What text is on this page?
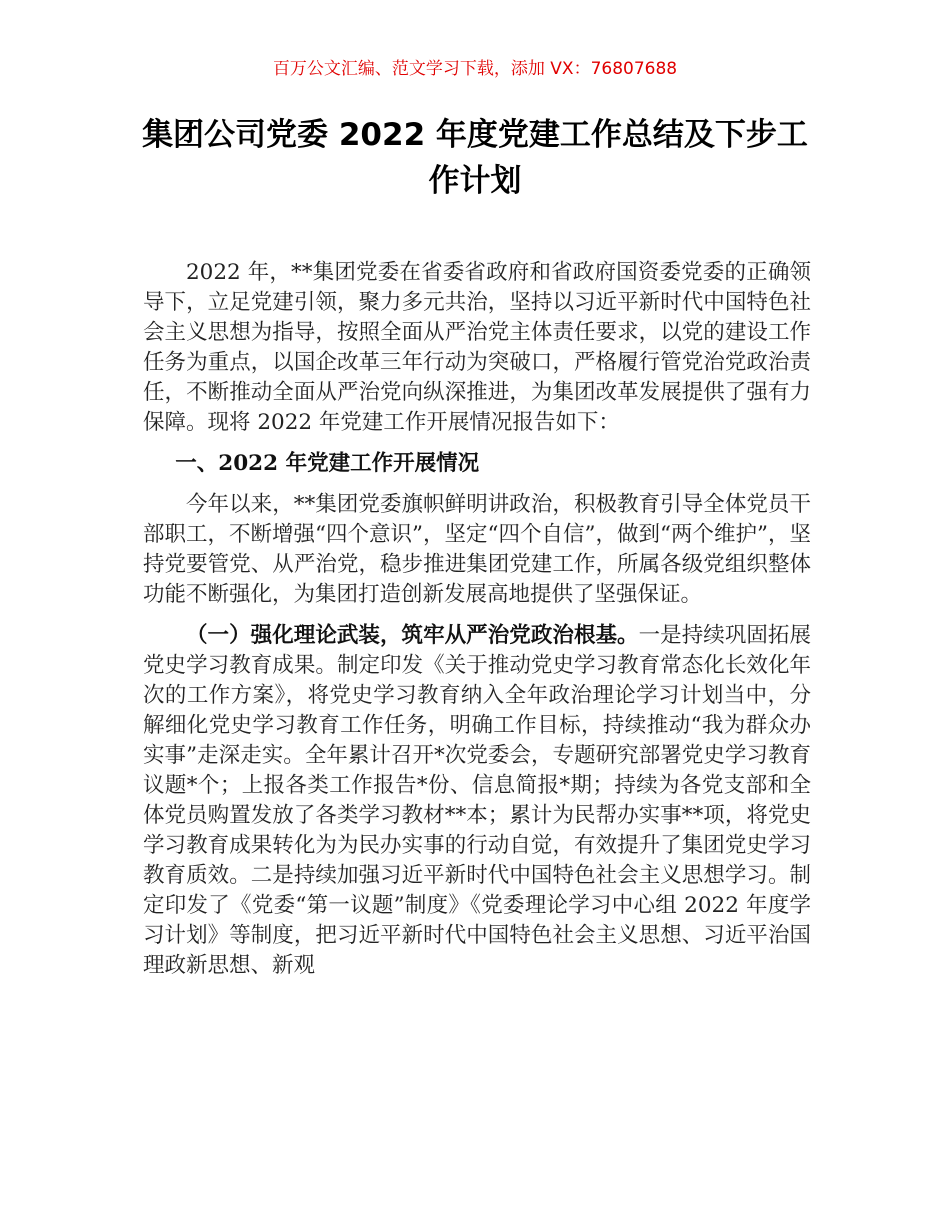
百万公文汇编、范文学习下载，添加 VX：76807688
集团公司党委 2022 年度党建工作总结及下步工作计划

2022 年，**集团党委在省委省政府和省政府国资委党委的正确领导下，立足党建引领，聚力多元共治，坚持以习近平新时代中国特色社会主义思想为指导，按照全面从严治党主体责任要求，以党的建设工作任务为重点，以国企改革三年行动为突破口，严格履行管党治党政治责任，不断推动全面从严治党向纵深推进，为集团改革发展提供了强有力保障。现将 2022 年党建工作开展情况报告如下：

一、2022 年党建工作开展情况

今年以来，**集团党委旗帜鲜明讲政治，积极教育引导全体党员干部职工，不断增强“四个意识”，坚定“四个自信”，做到“两个维护”，坚持党要管党、从严治党，稳步推进集团党建工作，所属各级党组织整体功能不断强化，为集团打造创新发展高地提供了坚强保证。

（一）强化理论武装，筑牢从严治党政治根基。一是持续巩固拓展党史学习教育成果。制定印发《关于推动党史学习教育常态化长效化年次的工作方案》，将党史学习教育纳入全年政治理论学习计划当中，分解细化党史学习教育工作任务，明确工作目标，持续推动“我为群众办实事”走深走实。全年累计召开*次党委会，专题研究部署党史学习教育议题*个；上报各类工作报告*份、信息简报*期；持续为各党支部和全体党员购置发放了各类学习教材**本；累计为民帮办实事**项，将党史学习教育成果转化为为民办实事的行动自觉，有效提升了集团党史学习教育质效。二是持续加强习近平新时代中国特色社会主义思想学习。制定印发了《党委“第一议题”制度》《党委理论学习中心组 2022 年度学习计划》等制度，把习近平新时代中国特色社会主义思想、习近平治国理政新思想、新观
